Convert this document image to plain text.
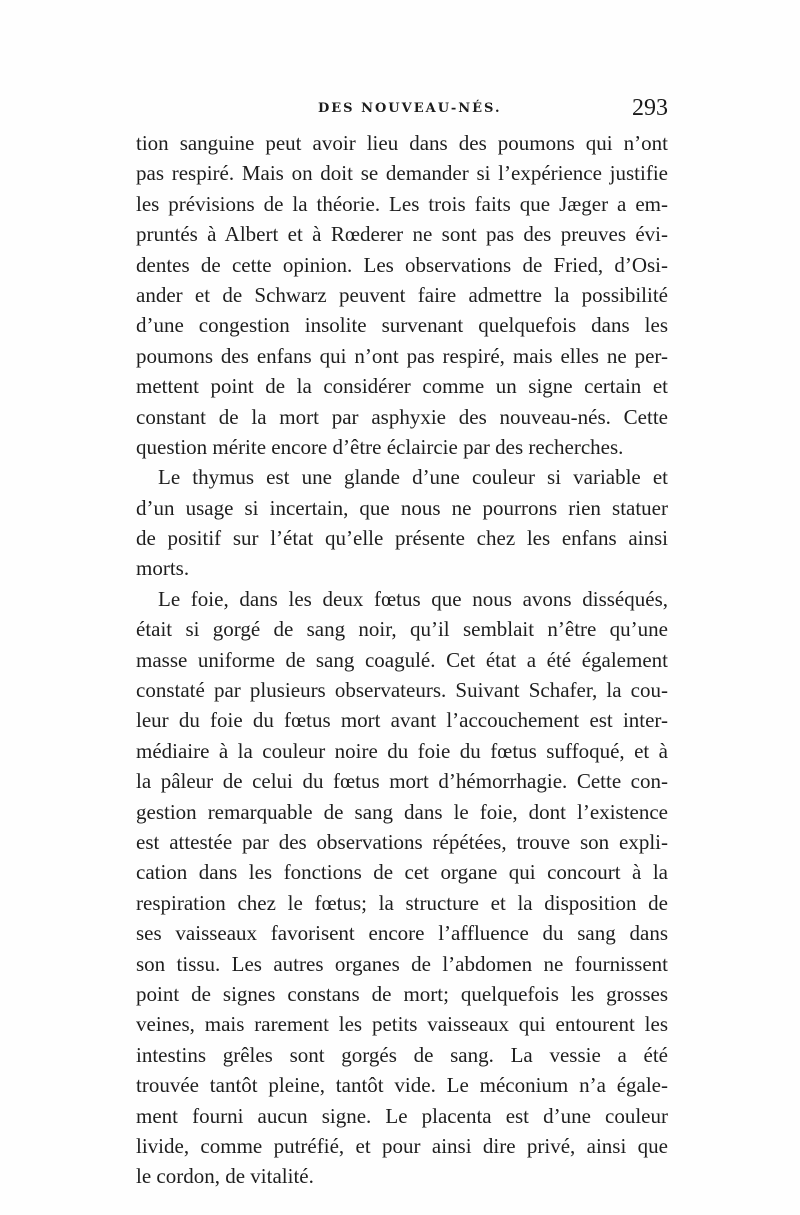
DES NOUVEAU-NÉS.	293
tion sanguine peut avoir lieu dans des poumons qui n’ont
pas respiré. Mais on doit se demander si l’expérience justifie
les prévisions de la théorie. Les trois faits que Jæger a em-
pruntés à Albert et à Rœderer ne sont pas des preuves évi-
dentes de cette opinion. Les observations de Fried, d’Osi-
ander et de Schwarz peuvent faire admettre la possibilité
d’une congestion insolite survenant quelquefois dans les
poumons des enfans qui n’ont pas respiré, mais elles ne per-
mettent point de la considérer comme un signe certain et
constant de la mort par asphyxie des nouveau-nés. Cette
question mérite encore d’être éclaircie par des recherches.
Le thymus est une glande d’une couleur si variable et
d’un usage si incertain, que nous ne pourrons rien statuer
de positif sur l’état qu’elle présente chez les enfans ainsi
morts.
Le foie, dans les deux fœtus que nous avons disséqués,
était si gorgé de sang noir, qu’il semblait n’être qu’une
masse uniforme de sang coagulé. Cet état a été également
constaté par plusieurs observateurs. Suivant Schafer, la cou-
leur du foie du fœtus mort avant l’accouchement est inter-
médiaire à la couleur noire du foie du fœtus suffoqué, et à
la pâleur de celui du fœtus mort d’hémorrhagie. Cette con-
gestion remarquable de sang dans le foie, dont l’existence
est attestée par des observations répétées, trouve son expli-
cation dans les fonctions de cet organe qui concourt à la
respiration chez le fœtus; la structure et la disposition de
ses vaisseaux favorisent encore l’affluence du sang dans
son tissu. Les autres organes de l’abdomen ne fournissent
point de signes constans de mort; quelquefois les grosses
veines, mais rarement les petits vaisseaux qui entourent les
intestins grêles sont gorgés de sang. La vessie a été
trouvée tantôt pleine, tantôt vide. Le méconium n’a égale-
ment fourni aucun signe. Le placenta est d’une couleur
livide, comme putréfié, et pour ainsi dire privé, ainsi que
le cordon, de vitalité.
